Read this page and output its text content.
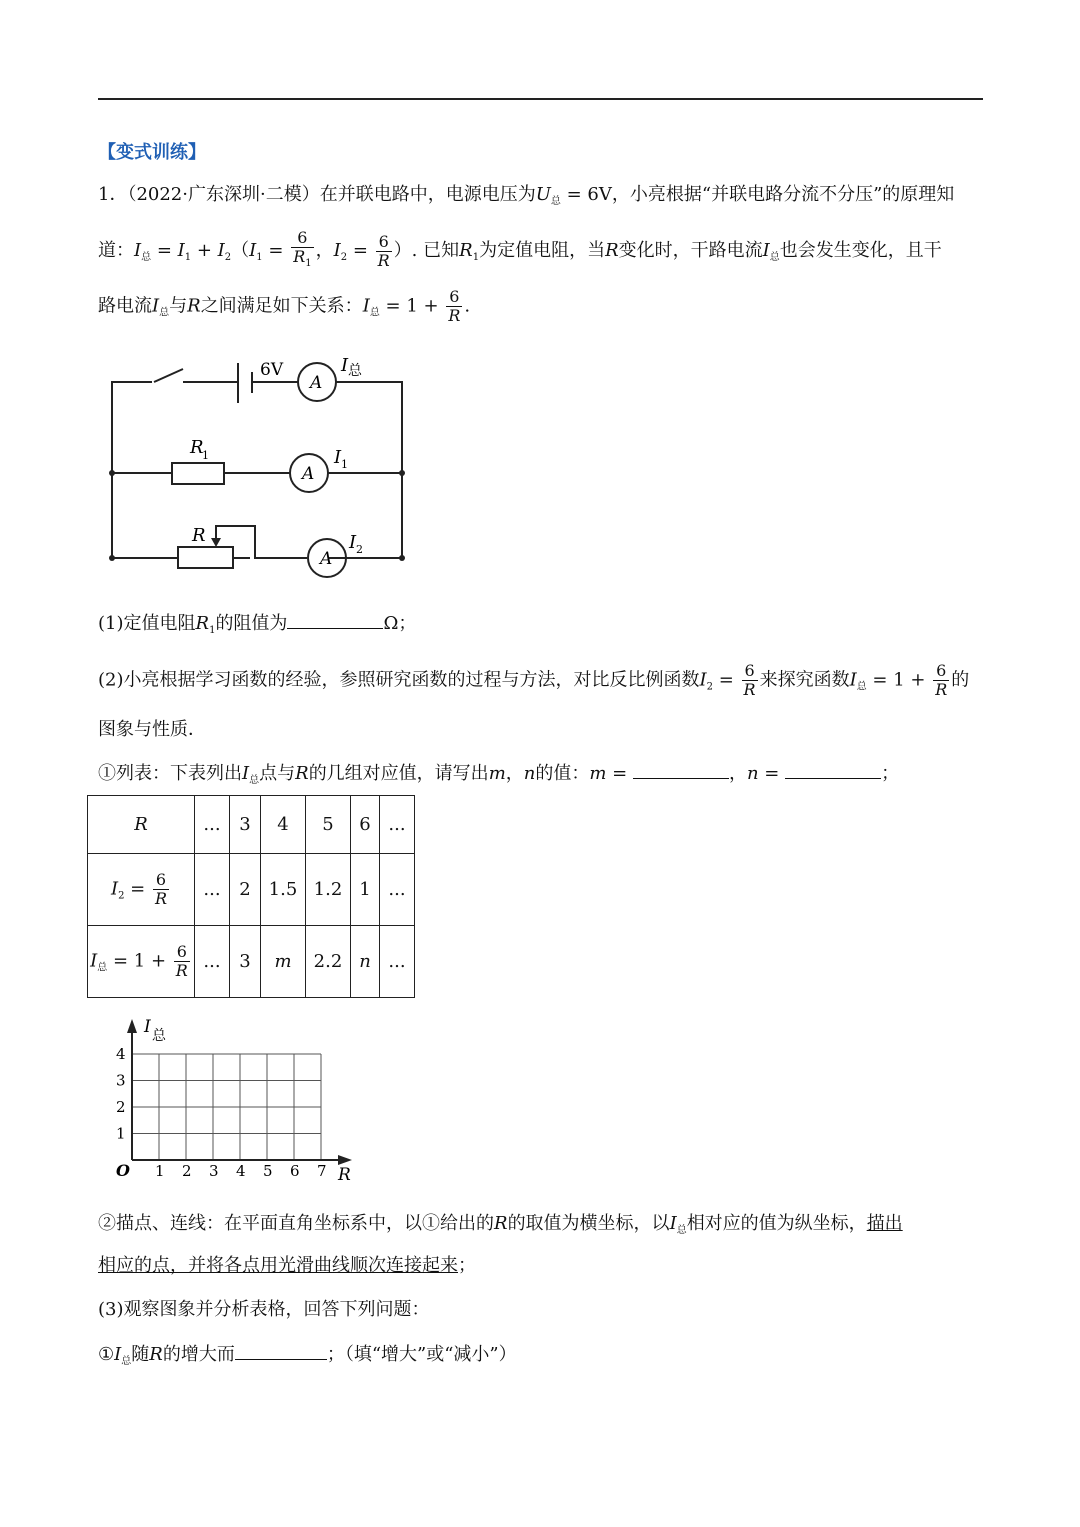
【变式训练】
1．（2022·广东深圳·二模）在并联电路中，电源电压为$U_总 = 6V$，小亮根据“并联电路分流不分压”的原理知
道：$I_总 = I_1 + I_2(I_1 = \frac{6}{R_1}$ ，$I_2 = \frac{6}{R}$ ）. 已知$R_1$为定值电阻，当R变化时，干路电流$I_总$也会发生变化，且干
路电流$I_总$与R之间满足如下关系：$I_总 = 1 + \frac{6}{R}$ .
6V
A
A
A
I 总
R
1	I 1
R	I 2
(1)定值电阻$R_1$的阻值为	Ω；
(2)小亮根据学习函数的经验，参照研究函数的过程与方法，对比反比例函数$I_2 = \frac{6}{R}$ 来探究函数$I_总 = 1 + \frac{6}{R}$ 的
图象与性质．
①列表：下表列出$I_总$点与R的几组对应值，请写出m，n的值：m =	，n =	；
R	...	3	4	5	6	...
$I_2 = \frac{6}{R}$	...	2	1.5	1.2	1	...
$I_总 = 1 + \frac{6}{R}$	...	3	m	2.2	n	...
1 2 3 4 5 6 7
1
2
3
4
O	R
I 总
②描点、连线：在平面直角坐标系中，以①给出的R的取值为横坐标，以$I_总$相对应的值为纵坐标，描出
相应的点，并将各点用光滑曲线顺次连接起来；
(3)观察图象并分析表格，回答下列问题：
$①I_总$随R的增大而	；（填“增大”或“减小”）
